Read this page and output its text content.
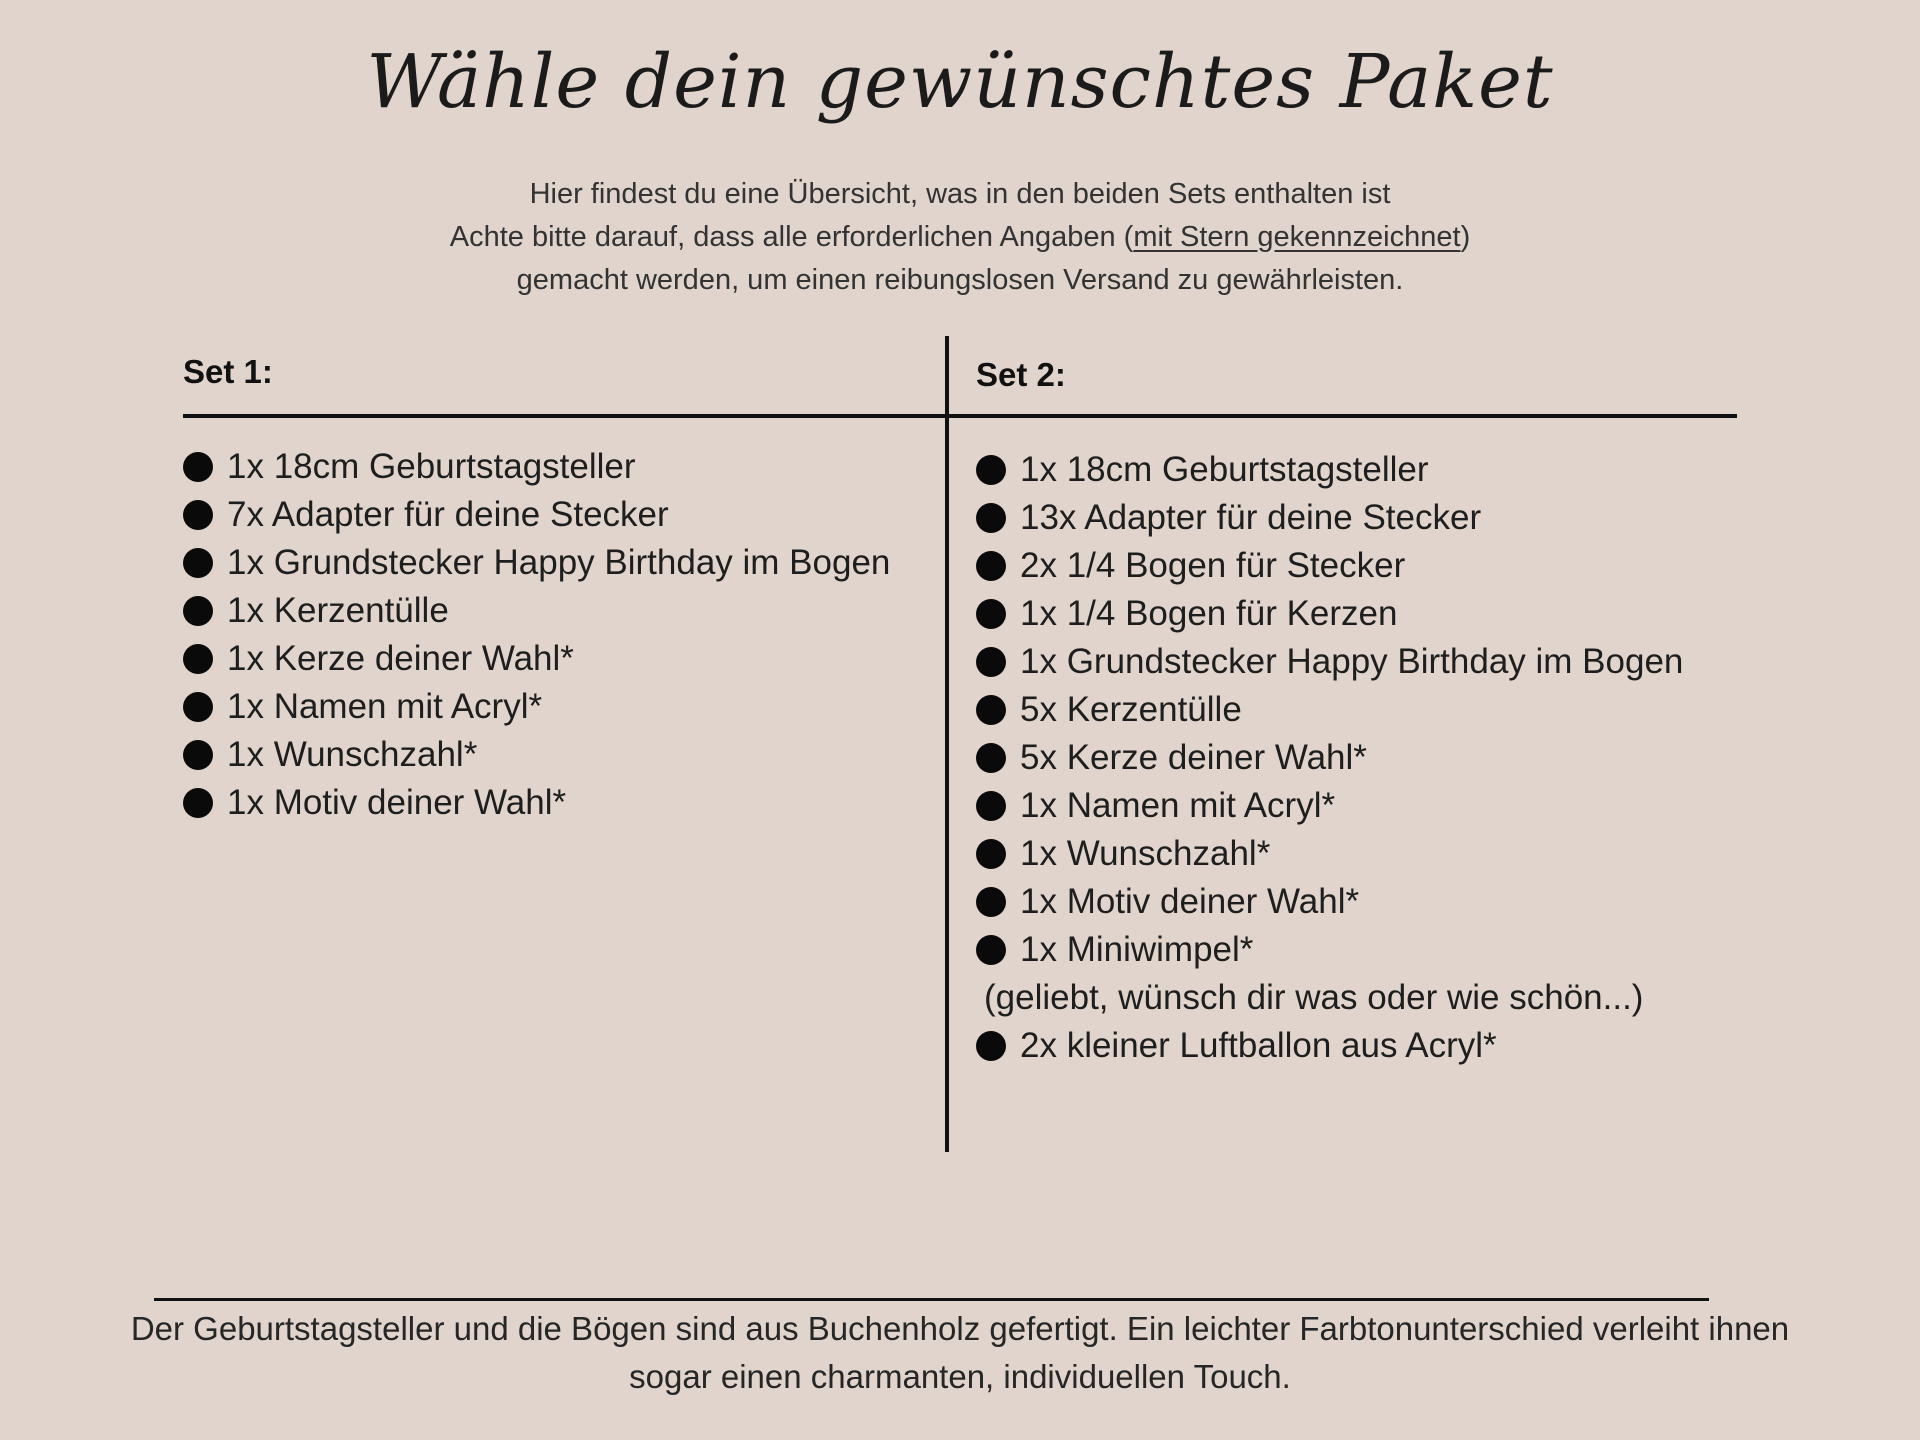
Wähle dein gewünschtes Paket
Hier findest du eine Übersicht, was in den beiden Sets enthalten ist
Achte bitte darauf, dass alle erforderlichen Angaben (mit Stern gekennzeichnet)
gemacht werden, um einen reibungslosen Versand zu gewährleisten.
Set 1:	Set 2:
1x 18cm Geburtstagsteller
7x Adapter für deine Stecker
1x Grundstecker Happy Birthday im Bogen
1x Kerzentülle
1x Kerze deiner Wahl*
1x Namen mit Acryl*
1x Wunschzahl*
1x Motiv deiner Wahl*
1x 18cm Geburtstagsteller
13x Adapter für deine Stecker
2x 1/4 Bogen für Stecker
1x 1/4 Bogen für Kerzen
1x Grundstecker Happy Birthday im Bogen
5x Kerzentülle
5x Kerze deiner Wahl*
1x Namen mit Acryl*
1x Wunschzahl*
1x Motiv deiner Wahl*
1x Miniwimpel*
(geliebt, wünsch dir was oder wie schön...)
2x kleiner Luftballon aus Acryl*
Der Geburtstagsteller und die Bögen sind aus Buchenholz gefertigt. Ein leichter Farbtonunterschied verleiht ihnen
sogar einen charmanten, individuellen Touch.
